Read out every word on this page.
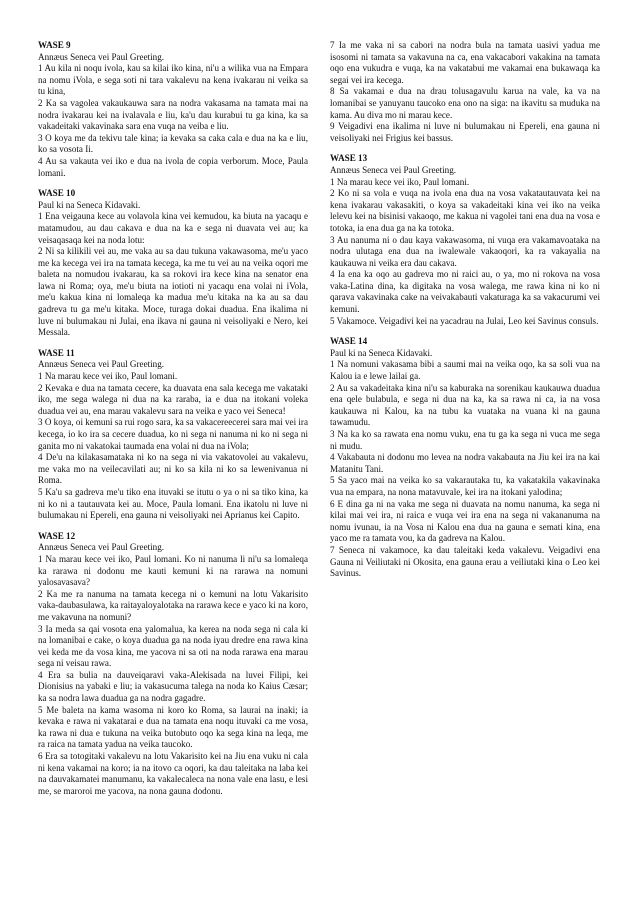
WASE 9

Annæus Seneca vei Paul Greeting.

1 Au kila ni noqu ivola, kau sa kilai iko kina, ni'u a wilika vua na Empara na nomu iVola, e sega soti ni tara vakalevu na kena ivakarau ni veika sa tu kina,

2 Ka sa vagolea vakaukauwa sara na nodra vakasama na tamata mai na nodra ivakarau kei na ivalavala e liu, ka'u dau kurabui tu ga kina, ka sa vakadeitaki vakavinaka sara ena vuqa na veiba e liu.

3 O koya me da tekivu tale kina; ia kevaka sa caka cala e dua na ka e liu, ko sa vosota Ii.

4 Au sa vakauta vei iko e dua na ivola de copia verborum. Moce, Paula lomani.

WASE 10

Paul ki na Seneca Kidavaki.

1 Ena veigauna kece au volavola kina vei kemudou, ka biuta na yacaqu e matamudou, au dau cakava e dua na ka e sega ni duavata vei au; ka veisaqasaqa kei na noda lotu:

2 Ni sa kilikili vei au, me vaka au sa dau tukuna vakawasoma, me'u yaco me ka kecega vei ira na tamata kecega, ka me tu vei au na veika oqori me baleta na nomudou ivakarau, ka sa rokovi ira kece kina na senator ena lawa ni Roma; oya, me'u biuta na iotioti ni yacaqu ena volai ni iVola, me'u kakua kina ni lomaleqa ka madua me'u kitaka na ka au sa dau gadreva tu ga me'u kitaka. Moce, turaga dokai duadua. Ena ikalima ni luve ni bulumakau ni Julai, ena ikava ni gauna ni veisoliyaki e Nero, kei Messala.

WASE 11

Annæus Seneca vei Paul Greeting.

1 Na marau kece vei iko, Paul lomani.

2 Kevaka e dua na tamata cecere, ka duavata ena sala kecega me vakataki iko, me sega walega ni dua na ka raraba, ia e dua na itokani voleka duadua vei au, ena marau vakalevu sara na veika e yaco vei Seneca!

3 O koya, oi kemuni sa rui rogo sara, ka sa vakacereecerei sara mai vei ira kecega, io ko ira sa cecere duadua, ko ni sega ni nanuma ni ko ni sega ni ganita mo ni vakatokai taumada ena volai ni dua na iVola;

4 De'u na kilakasamataka ni ko na sega ni via vakatovolei au vakalevu, me vaka mo na veilecavilati au; ni ko sa kila ni ko sa lewenivanua ni Roma.

5 Ka'u sa gadreva me'u tiko ena ituvaki se itutu o ya o ni sa tiko kina, ka ni ko ni a tautauvata kei au. Moce, Paula lomani. Ena ikatolu ni luve ni bulumakau ni Epereli, ena gauna ni veisoliyaki nei Aprianus kei Capito.

WASE 12

Annæus Seneca vei Paul Greeting.

1 Na marau kece vei iko, Paul lomani. Ko ni nanuma li ni'u sa lomaleqa ka rarawa ni dodonu me kauti kemuni ki na rarawa na nomuni yalosavasava?

2 Ka me ra nanuma na tamata kecega ni o kemuni na lotu Vakarisito vaka-daubasulawa, ka raitayaloyalotaka na rarawa kece e yaco ki na koro, me vakavuna na nomuni?

3 Ia meda sa qai vosota ena yalomalua, ka kerea na noda sega ni cala ki na lomanibai e cake, o koya duadua ga na noda iyau dredre ena rawa kina vei keda me da vosa kina, me yacova ni sa oti na noda rarawa ena marau sega ni veisau rawa.

4 Era sa bulia na dauveiqaravi vaka-Alekisada na luvei Filipi, kei Dionisius na yabaki e liu; ia vakasucuma talega na noda ko Kaius Cæsar; ka sa nodra lawa duadua ga na nodra gagadre.

5 Me baleta na kama wasoma ni koro ko Roma, sa laurai na inaki; ia kevaka e rawa ni vakatarai e dua na tamata ena noqu ituvaki ca me vosa, ka rawa ni dua e tukuna na veika butobuto oqo ka sega kina na leqa, me ra raica na tamata yadua na veika taucoko.

6 Era sa totogitaki vakalevu na lotu Vakarisito kei na Jiu ena vuku ni cala ni kena vakamai na koro; ia na itovo ca oqori, ka dau taleitaka na laba kei na dauvakamatei manumanu, ka vakalecaleca na nona vale ena lasu, e lesi me, se maroroi me yacova, na nona gauna dodonu.

7 Ia me vaka ni sa cabori na nodra bula na tamata uasivi yadua me isosomi ni tamata sa vakavuna na ca, ena vakacabori vakakina na tamata oqo ena vukudra e vuqa, ka na vakatabui me vakamai ena bukawaqa ka segai vei ira kecega.

8 Sa vakamai e dua na drau tolusagavulu karua na vale, ka va na lomanibai se yanuyanu taucoko ena ono na siga: na ikavitu sa muduka na kama. Au diva mo ni marau kece.

9 Veigadivi ena ikalima ni luve ni bulumakau ni Epereli, ena gauna ni veisoliyaki nei Frigius kei bassus.

WASE 13

Annæus Seneca vei Paul Greeting.

1 Na marau kece vei iko, Paul lomani.

2 Ko ni sa vola e vuqa na ivola ena dua na vosa vakatautauvata kei na kena ivakarau vakasakiti, o koya sa vakadeitaki kina vei iko na veika lelevu kei na bisinisi vakaoqo, me kakua ni vagolei tani ena dua na vosa e totoka, ia ena dua ga na ka totoka.

3 Au nanuma ni o dau kaya vakawasoma, ni vuqa era vakamavoataka na nodra ulutaga ena dua na iwalewale vakaoqori, ka ra vakayalia na kaukauwa ni veika era dau cakava.

4 Ia ena ka oqo au gadreva mo ni raici au, o ya, mo ni rokova na vosa vaka-Latina dina, ka digitaka na vosa walega, me rawa kina ni ko ni qarava vakavinaka cake na veivakabauti vakaturaga ka sa vakacurumi vei kemuni.

5 Vakamoce. Veigadivi kei na yacadrau na Julai, Leo kei Savinus consuls.

WASE 14

Paul ki na Seneca Kidavaki.

1 Na nomuni vakasama bibi a saumi mai na veika oqo, ka sa soli vua na Kalou ia e lewe lailai ga.

2 Au sa vakadeitaka kina ni'u sa kaburaka na sorenikau kaukauwa duadua ena qele bulabula, e sega ni dua na ka, ka sa rawa ni ca, ia na vosa kaukauwa ni Kalou, ka na tubu ka vuataka na vuana ki na gauna tawamudu.

3 Na ka ko sa rawata ena nomu vuku, ena tu ga ka sega ni vuca me sega ni mudu.

4 Vakabauta ni dodonu mo levea na nodra vakabauta na Jiu kei ira na kai Matanitu Tani.

5 Sa yaco mai na veika ko sa vakarautaka tu, ka vakatakila vakavinaka vua na empara, na nona matavuvale, kei ira na itokani yalodina;

6 E dina ga ni na vaka me sega ni duavata na nomu nanuma, ka sega ni kilai mai vei ira, ni raica e vuqa vei ira ena na sega ni vakananuma na nomu ivunau, ia na Vosa ni Kalou ena dua na gauna e semati kina, ena yaco me ra tamata vou, ka da gadreva na Kalou.

7 Seneca ni vakamoce, ka dau taleitaki keda vakalevu. Veigadivi ena Gauna ni Veiliutaki ni Okosita, ena gauna erau a veiliutaki kina o Leo kei Savinus.
